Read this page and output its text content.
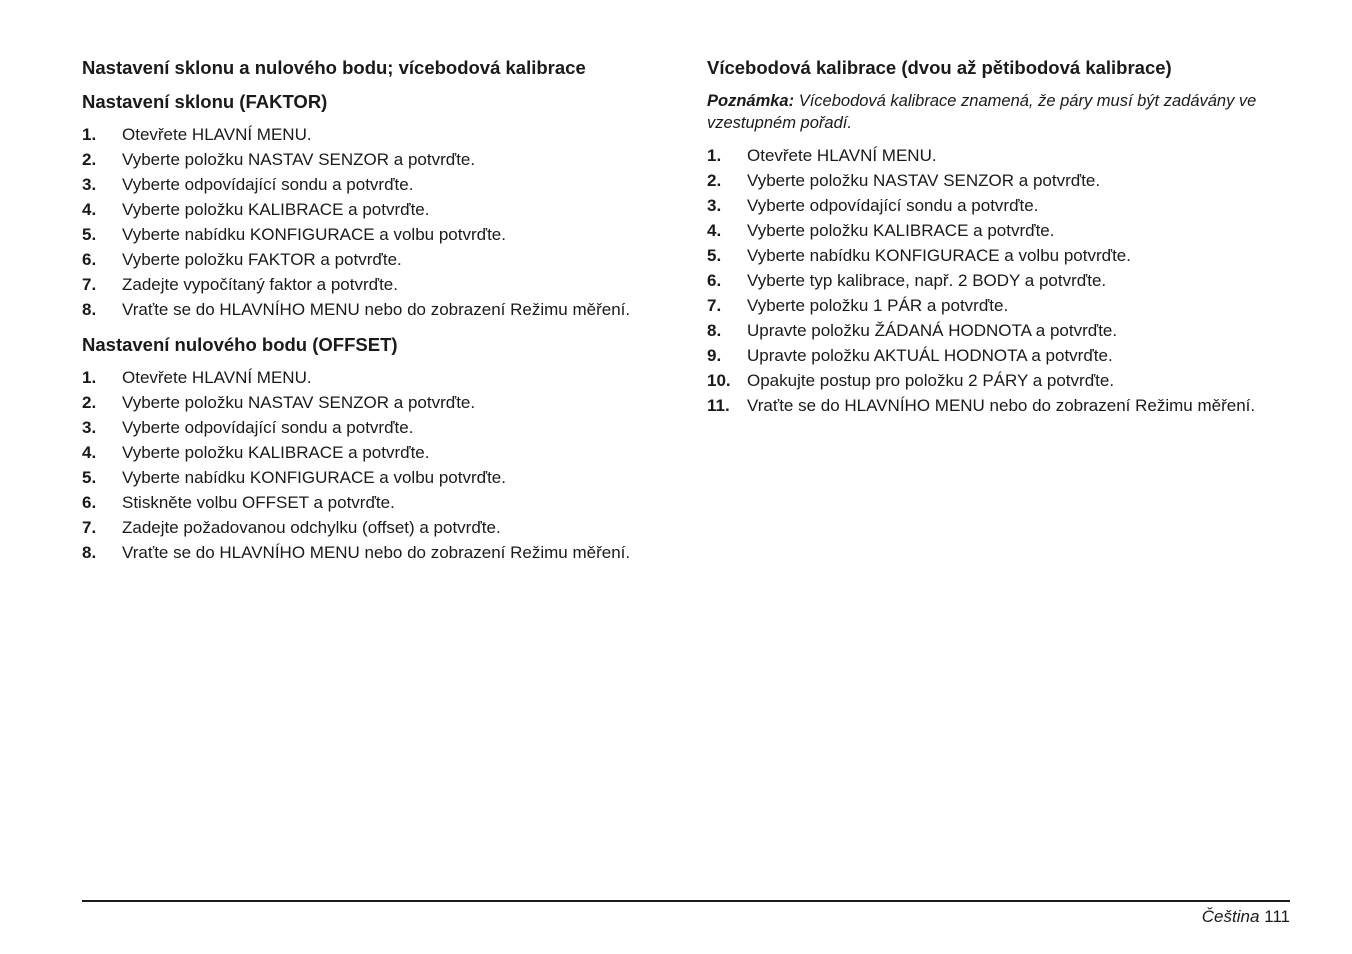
Nastavení sklonu a nulového bodu; vícebodová kalibrace
Nastavení sklonu (FAKTOR)
1. Otevřete HLAVNÍ MENU.
2. Vyberte položku NASTAV SENZOR a potvrďte.
3. Vyberte odpovídající sondu a potvrďte.
4. Vyberte položku KALIBRACE a potvrďte.
5. Vyberte nabídku KONFIGURACE a volbu potvrďte.
6. Vyberte položku FAKTOR a potvrďte.
7. Zadejte vypočítaný faktor a potvrďte.
8. Vraťte se do HLAVNÍHO MENU nebo do zobrazení Režimu měření.
Nastavení nulového bodu (OFFSET)
1. Otevřete HLAVNÍ MENU.
2. Vyberte položku NASTAV SENZOR a potvrďte.
3. Vyberte odpovídající sondu a potvrďte.
4. Vyberte položku KALIBRACE a potvrďte.
5. Vyberte nabídku KONFIGURACE a volbu potvrďte.
6. Stiskněte volbu OFFSET a potvrďte.
7. Zadejte požadovanou odchylku (offset) a potvrďte.
8. Vraťte se do HLAVNÍHO MENU nebo do zobrazení Režimu měření.
Vícebodová kalibrace (dvou až pětibodová kalibrace)
Poznámka: Vícebodová kalibrace znamená, že páry musí být zadávány ve vzestupném pořadí.
1. Otevřete HLAVNÍ MENU.
2. Vyberte položku NASTAV SENZOR a potvrďte.
3. Vyberte odpovídající sondu a potvrďte.
4. Vyberte položku KALIBRACE a potvrďte.
5. Vyberte nabídku KONFIGURACE a volbu potvrďte.
6. Vyberte typ kalibrace, např. 2 BODY a potvrďte.
7. Vyberte položku 1 PÁR a potvrďte.
8. Upravte položku ŽÁDANÁ HODNOTA a potvrďte.
9. Upravte položku AKTUÁL HODNOTA a potvrďte.
10. Opakujte postup pro položku 2 PÁRY a potvrďte.
11. Vraťte se do HLAVNÍHO MENU nebo do zobrazení Režimu měření.
Čeština 111
